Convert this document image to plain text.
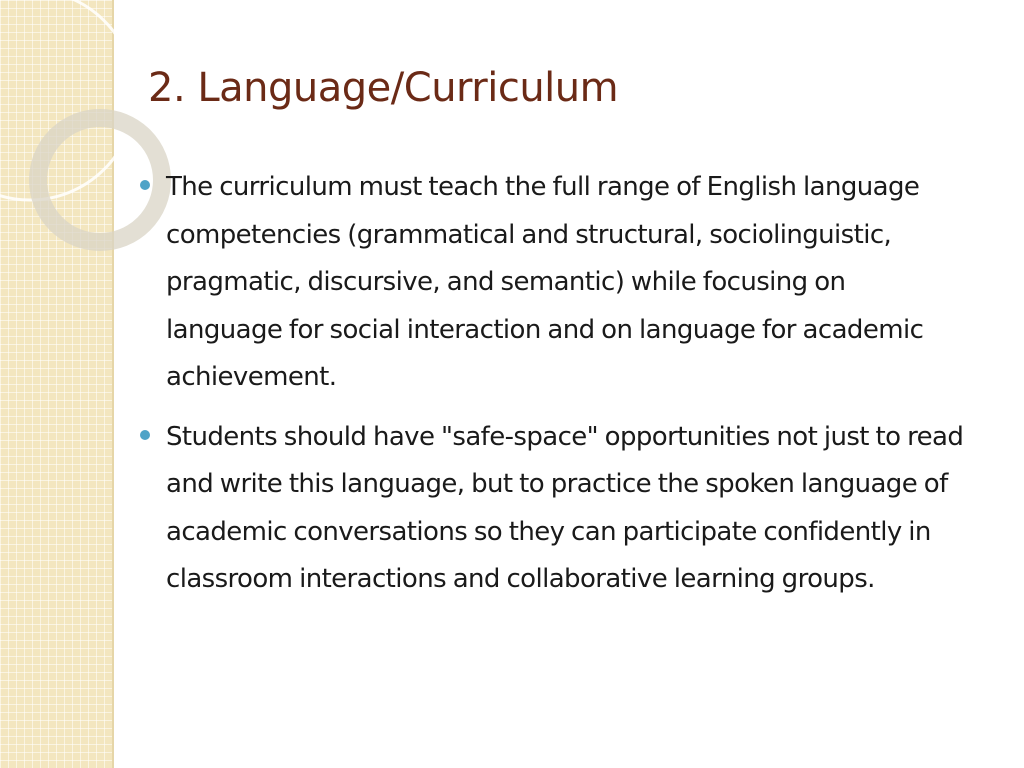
2. Language/Curriculum
The curriculum must teach the full range of English language competencies (grammatical and structural, sociolinguistic, pragmatic, discursive, and semantic) while focusing on language for social interaction and on language for academic achievement.
Students should have "safe-space" opportunities not just to read and write this language, but to practice the spoken language of academic conversations so they can participate confidently in classroom interactions and collaborative learning groups.
